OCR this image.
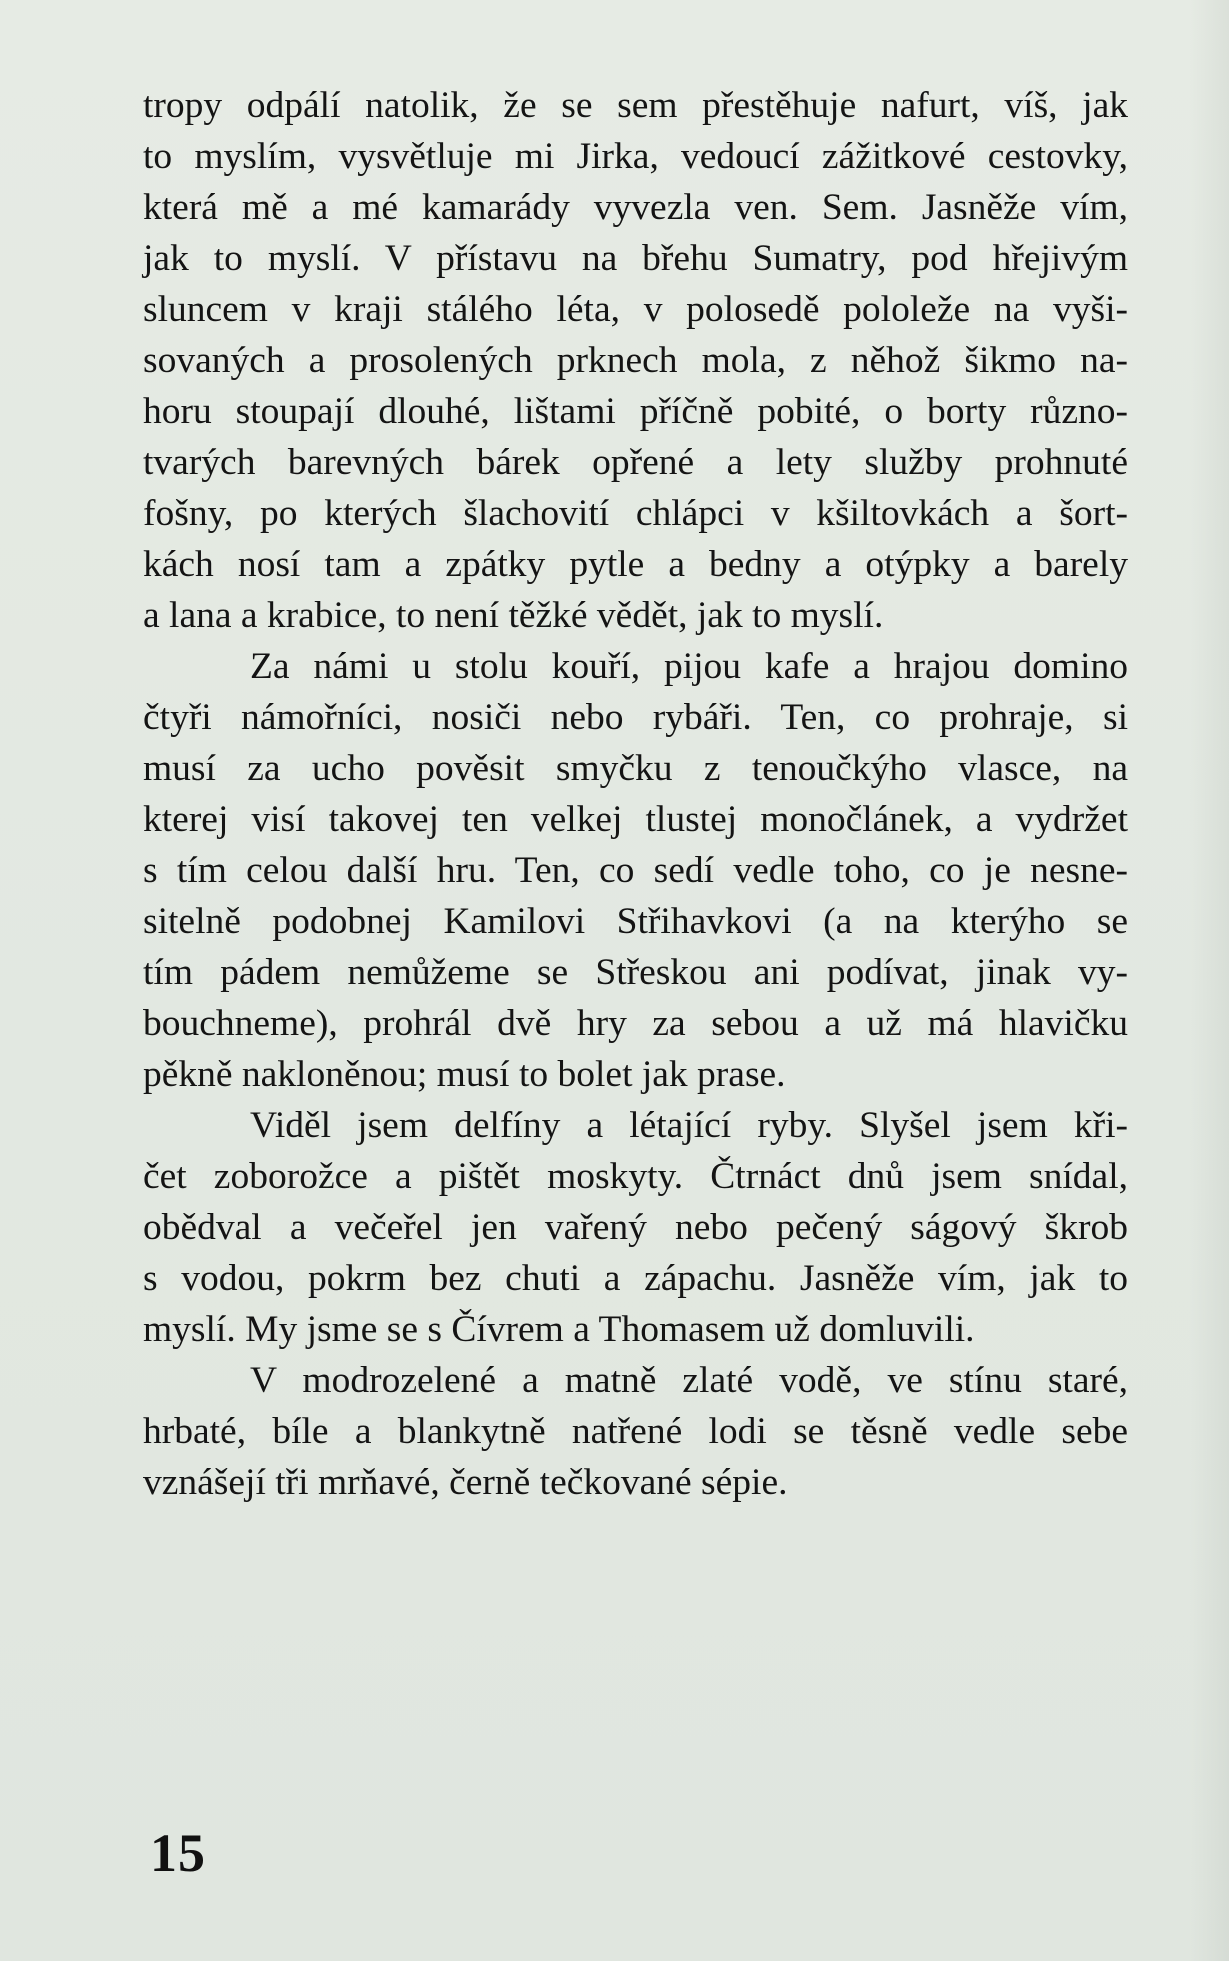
tropy odpálí natolik, že se sem přestěhuje nafurt, víš, jak
to myslím, vysvětluje mi Jirka, vedoucí zážitkové cestovky,
která mě a mé kamarády vyvezla ven. Sem. Jasněže vím,
jak to myslí. V přístavu na břehu Sumatry, pod hřejivým
sluncem v kraji stálého léta, v polosedě pololeže na vyši-
sovaných a prosolených prknech mola, z něhož šikmo na-
horu stoupají dlouhé, lištami příčně pobité, o borty různo-
tvarých barevných bárek opřené a lety služby prohnuté
fošny, po kterých šlachovití chlápci v kšiltovkách a šort-
kách nosí tam a zpátky pytle a bedny a otýpky a barely
a lana a krabice, to není těžké vědět, jak to myslí.
Za námi u stolu kouří, pijou kafe a hrajou domino
čtyři námořníci, nosiči nebo rybáři. Ten, co prohraje, si
musí za ucho pověsit smyčku z tenoučkýho vlasce, na
kterej visí takovej ten velkej tlustej monočlánek, a vydržet
s tím celou další hru. Ten, co sedí vedle toho, co je nesne-
sitelně podobnej Kamilovi Střihavkovi (a na kterýho se
tím pádem nemůžeme se Střeskou ani podívat, jinak vy-
bouchneme), prohrál dvě hry za sebou a už má hlavičku
pěkně nakloněnou; musí to bolet jak prase.
Viděl jsem delfíny a létající ryby. Slyšel jsem kři-
čet zoborožce a pištět moskyty. Čtrnáct dnů jsem snídal,
obědval a večeřel jen vařený nebo pečený ságový škrob
s vodou, pokrm bez chuti a zápachu. Jasněže vím, jak to
myslí. My jsme se s Čívrem a Thomasem už domluvili.
V modrozelené a matně zlaté vodě, ve stínu staré,
hrbaté, bíle a blankytně natřené lodi se těsně vedle sebe
vznášejí tři mrňavé, černě tečkované sépie.
15
